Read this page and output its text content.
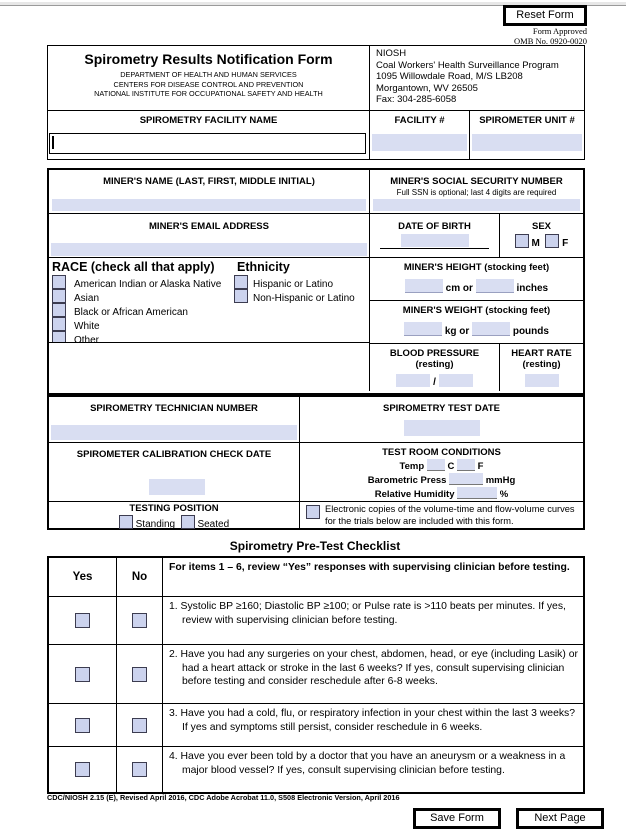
Reset Form
Form Approved
OMB No. 0920-0020
Spirometry Results Notification Form
DEPARTMENT OF HEALTH AND HUMAN SERVICES
CENTERS FOR DISEASE CONTROL AND PREVENTION
NATIONAL INSTITUTE FOR OCCUPATIONAL SAFETY AND HEALTH
NIOSH
Coal Workers' Health Surveillance Program
1095 Willowdale Road, M/S LB208
Morgantown, WV 26505
Fax: 304-285-6058
SPIROMETRY FACILITY NAME	FACILITY #	SPIROMETER UNIT #
MINER'S NAME (LAST, FIRST, MIDDLE INITIAL)	MINER'S SOCIAL SECURITY NUMBER
Full SSN is optional; last 4 digits are required
MINER'S EMAIL ADDRESS	DATE OF BIRTH	SEX
M F
RACE (check all that apply)
American Indian or Alaska Native
Asian
Black or African American
White
Other
Ethnicity
Hispanic or Latino
Non-Hispanic or Latino
MINER'S HEIGHT (stocking feet)
cm or	inches
MINER'S WEIGHT (stocking feet)
kg or	pounds
BLOOD PRESSURE
(resting)
/
HEART RATE
(resting)
SPIROMETRY TECHNICIAN NUMBER	SPIROMETRY TEST DATE
SPIROMETER CALIBRATION CHECK DATE	TEST ROOM CONDITIONS
Temp C F
Barometric Press	mmHg
Relative Humidity	%
TESTING POSITION
Standing Seated
Electronic copies of the volume-time and flow-volume curves for the trials below are included with this form.
Spirometry Pre-Test Checklist
Yes	No
For items 1 – 6, review “Yes” responses with supervising clinician before testing.
1. Systolic BP ≥160; Diastolic BP ≥100; or Pulse rate is >110 beats per minutes. If yes, review with supervising clinician before testing.
2. Have you had any surgeries on your chest, abdomen, head, or eye (including Lasik) or had a heart attack or stroke in the last 6 weeks? If yes, consult supervising clinician before testing and consider reschedule after 6-8 weeks.
3. Have you had a cold, flu, or respiratory infection in your chest within the last 3 weeks? If yes and symptoms still persist, consider reschedule in 6 weeks.
4. Have you ever been told by a doctor that you have an aneurysm or a weakness in a major blood vessel? If yes, consult supervising clinician before testing.
CDC/NIOSH 2.15 (E), Revised April 2016, CDC Adobe Acrobat 11.0, S508 Electronic Version, April 2016
Save Form	Next Page
